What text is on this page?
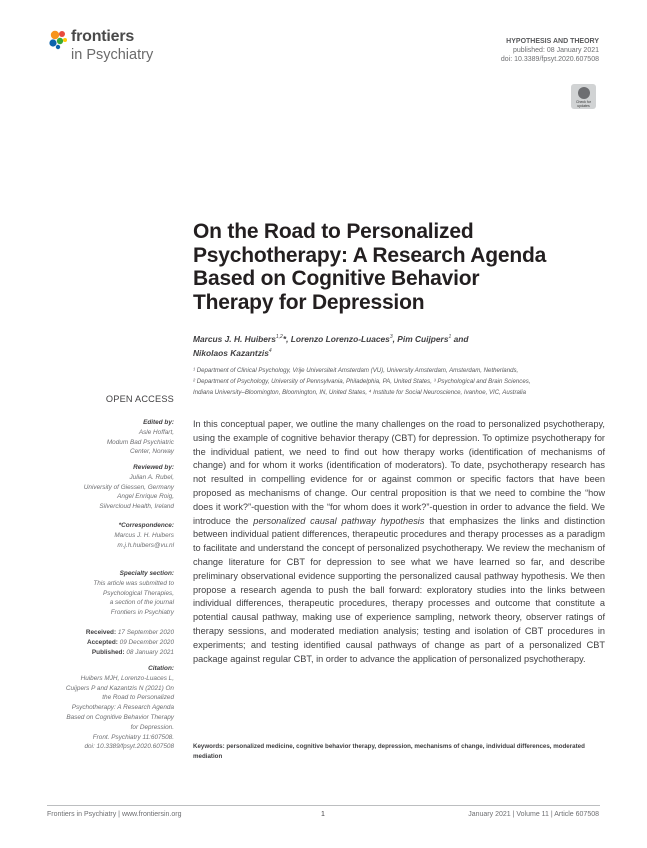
frontiers
in Psychiatry
HYPOTHESIS AND THEORY
published: 08 January 2021
doi: 10.3389/fpsyt.2020.607508
Check for
updates
On the Road to Personalized
Psychotherapy: A Research Agenda
Based on Cognitive Behavior
Therapy for Depression
Marcus J. H. Huibers$^{1,2}$*, Lorenzo Lorenzo-Luaces$^3$, Pim Cuijpers$^1$ and
Nikolaos Kazantzis$^4$
¹ Department of Clinical Psychology, Vrije Universiteit Amsterdam (VU), University Amsterdam, Amsterdam, Netherlands,
² Department of Psychology, University of Pennsylvania, Philadelphia, PA, United States, ³ Psychological and Brain Sciences,
Indiana University–Bloomington, Bloomington, IN, United States, ⁴ Institute for Social Neuroscience, Ivanhoe, VIC, Australia
OPEN ACCESS
Edited by:
Asle Hoffart,
Modum Bad Psychiatric
Center, Norway
Reviewed by:
Julian A. Rubel,
University of Giessen, Germany
Angel Enrique Roig,
Silvercloud Health, Ireland
*Correspondence:
Marcus J. H. Huibers
m.j.h.huibers@vu.nl
Specialty section:
This article was submitted to
Psychological Therapies,
a section of the journal
Frontiers in Psychiatry
Received: 17 September 2020
Accepted: 09 December 2020
Published: 08 January 2021
Citation:
Huibers MJH, Lorenzo-Luaces L,
Cuijpers P and Kazantzis N (2021) On
the Road to Personalized
Psychotherapy: A Research Agenda
Based on Cognitive Behavior Therapy
for Depression.
Front. Psychiatry 11:607508.
doi: 10.3389/fpsyt.2020.607508
In this conceptual paper, we outline the many challenges on the road to personalized psychotherapy, using the example of cognitive behavior therapy (CBT) for depression. To optimize psychotherapy for the individual patient, we need to find out how therapy works (identification of mechanisms of change) and for whom it works (identification of moderators). To date, psychotherapy research has not resulted in compelling evidence for or against common or specific factors that have been proposed as mechanisms of change. Our central proposition is that we need to combine the “how does it work?”-question with the “for whom does it work?”-question in order to advance the field. We introduce the personalized causal pathway hypothesis that emphasizes the links and distinction between individual patient differences, therapeutic procedures and therapy processes as a paradigm to facilitate and understand the concept of personalized psychotherapy. We review the mechanism of change literature for CBT for depression to see what we have learned so far, and describe preliminary observational evidence supporting the personalized causal pathway hypothesis. We then propose a research agenda to push the ball forward: exploratory studies into the links between individual differences, therapeutic procedures, therapy processes and outcome that constitute a potential causal pathway, making use of experience sampling, network theory, observer ratings of therapy sessions, and moderated mediation analysis; testing and isolation of CBT procedures in experiments; and testing identified causal pathways of change as part of a personalized CBT package against regular CBT, in order to advance the application of personalized psychotherapy.
Keywords: personalized medicine, cognitive behavior therapy, depression, mechanisms of change, individual differences, moderated mediation
Frontiers in Psychiatry | www.frontiersin.org	1	January 2021 | Volume 11 | Article 607508
